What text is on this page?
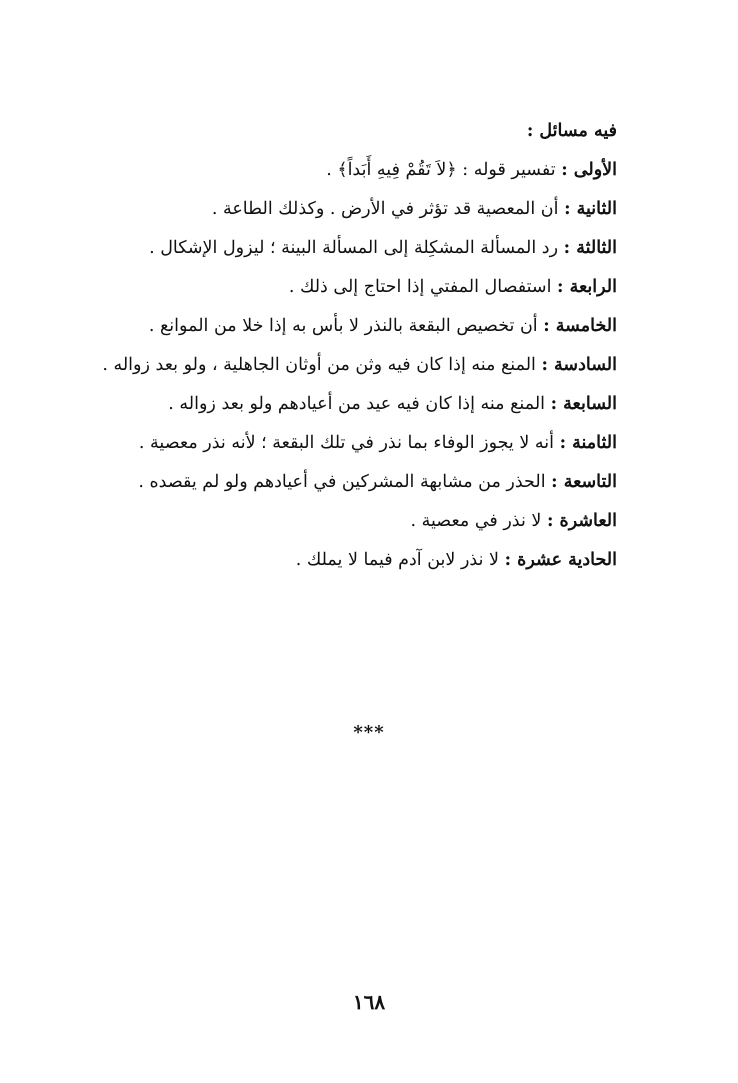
فيه مسائل :
الأولى : تفسير قوله : ﴿لاَ تَقُمْ فِيهِ أَبَداً﴾ .
الثانية : أن المعصية قد تؤثر في الأرض . وكذلك الطاعة .
الثالثة : رد المسألة المشكِلة إلى المسألة البينة ؛ ليزول الإشكال .
الرابعة : استفصال المفتي إذا احتاج إلى ذلك .
الخامسة : أن تخصيص البقعة بالنذر لا بأس به إذا خلا من الموانع .
السادسة : المنع منه إذا كان فيه وثن من أوثان الجاهلية ، ولو بعد زواله .
السابعة : المنع منه إذا كان فيه عيد من أعيادهم ولو بعد زواله .
الثامنة : أنه لا يجوز الوفاء بما نذر في تلك البقعة ؛ لأنه نذر معصية .
التاسعة : الحذر من مشابهة المشركين في أعيادهم ولو لم يقصده .
العاشرة : لا نذر في معصية .
الحادية عشرة : لا نذر لابن آدم فيما لا يملك .
***
١٦٨
